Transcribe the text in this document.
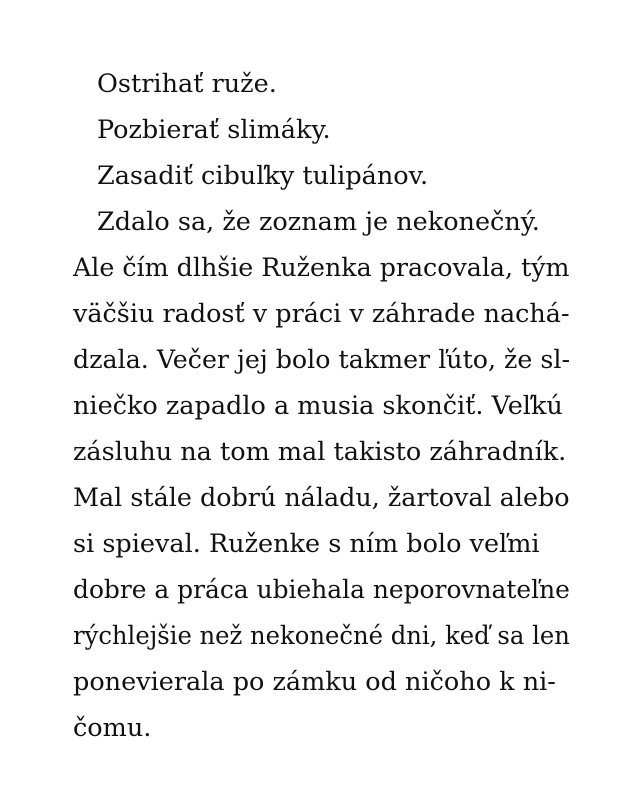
Ostrihať ruže.
Pozbierať slimáky.
Zasadiť cibuľky tulipánov.
Zdalo sa, že zoznam je nekonečný.
Ale čím dlhšie Ruženka pracovala, tým
väčšiu radosť v práci v záhrade nachá-
dzala. Večer jej bolo takmer ľúto, že sl-
niečko zapadlo a musia skončiť. Veľkú
zásluhu na tom mal takisto záhradník.
Mal stále dobrú náladu, žartoval alebo
si spieval. Ruženke s ním bolo veľmi
dobre a práca ubiehala neporovnateľne
rýchlejšie než nekonečné dni, keď sa len
ponevierala po zámku od ničoho k ni-
čomu.
